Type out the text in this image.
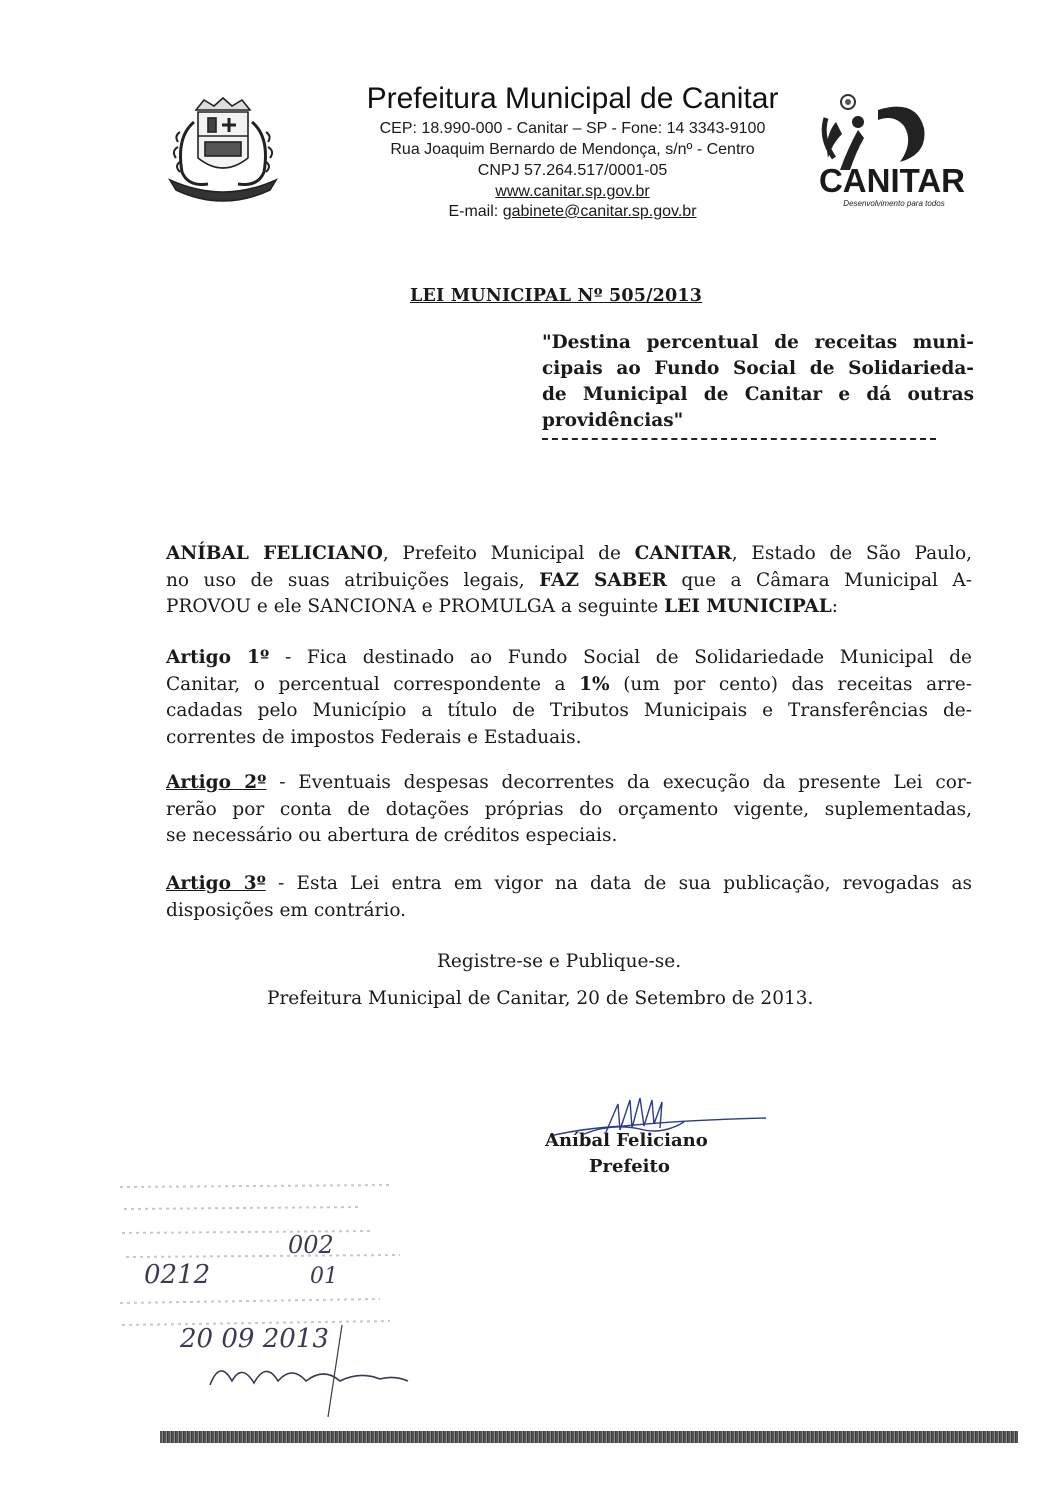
Prefeitura Municipal de Canitar
CEP: 18.990-000 - Canitar – SP - Fone: 14 3343-9100
Rua Joaquim Bernardo de Mendonça, s/nº - Centro
CNPJ 57.264.517/0001-05
www.canitar.sp.gov.br
E-mail: gabinete@canitar.sp.gov.br
CANITAR
Desenvolvimento para todos
LEI MUNICIPAL Nº 505/2013
"Destina percentual de receitas muni-
cipais ao Fundo Social de Solidarieda-
de Municipal de Canitar e dá outras
providências"
ANÍBAL FELICIANO, Prefeito Municipal de CANITAR, Estado de São Paulo,
no uso de suas atribuições legais, FAZ SABER que a Câmara Municipal A-
PROVOU e ele SANCIONA e PROMULGA a seguinte LEI MUNICIPAL:
Artigo 1º - Fica destinado ao Fundo Social de Solidariedade Municipal de
Canitar, o percentual correspondente a 1% (um por cento) das receitas arre-
cadadas pelo Município a título de Tributos Municipais e Transferências de-
correntes de impostos Federais e Estaduais.
Artigo 2º - Eventuais despesas decorrentes da execução da presente Lei cor-
rerão por conta de dotações próprias do orçamento vigente, suplementadas,
se necessário ou abertura de créditos especiais.
Artigo 3º - Esta Lei entra em vigor na data de sua publicação, revogadas as
disposições em contrário.
Registre-se e Publique-se.
Prefeitura Municipal de Canitar, 20 de Setembro de 2013.
Aníbal Feliciano
Prefeito
0212
002
01
20 09 2013
